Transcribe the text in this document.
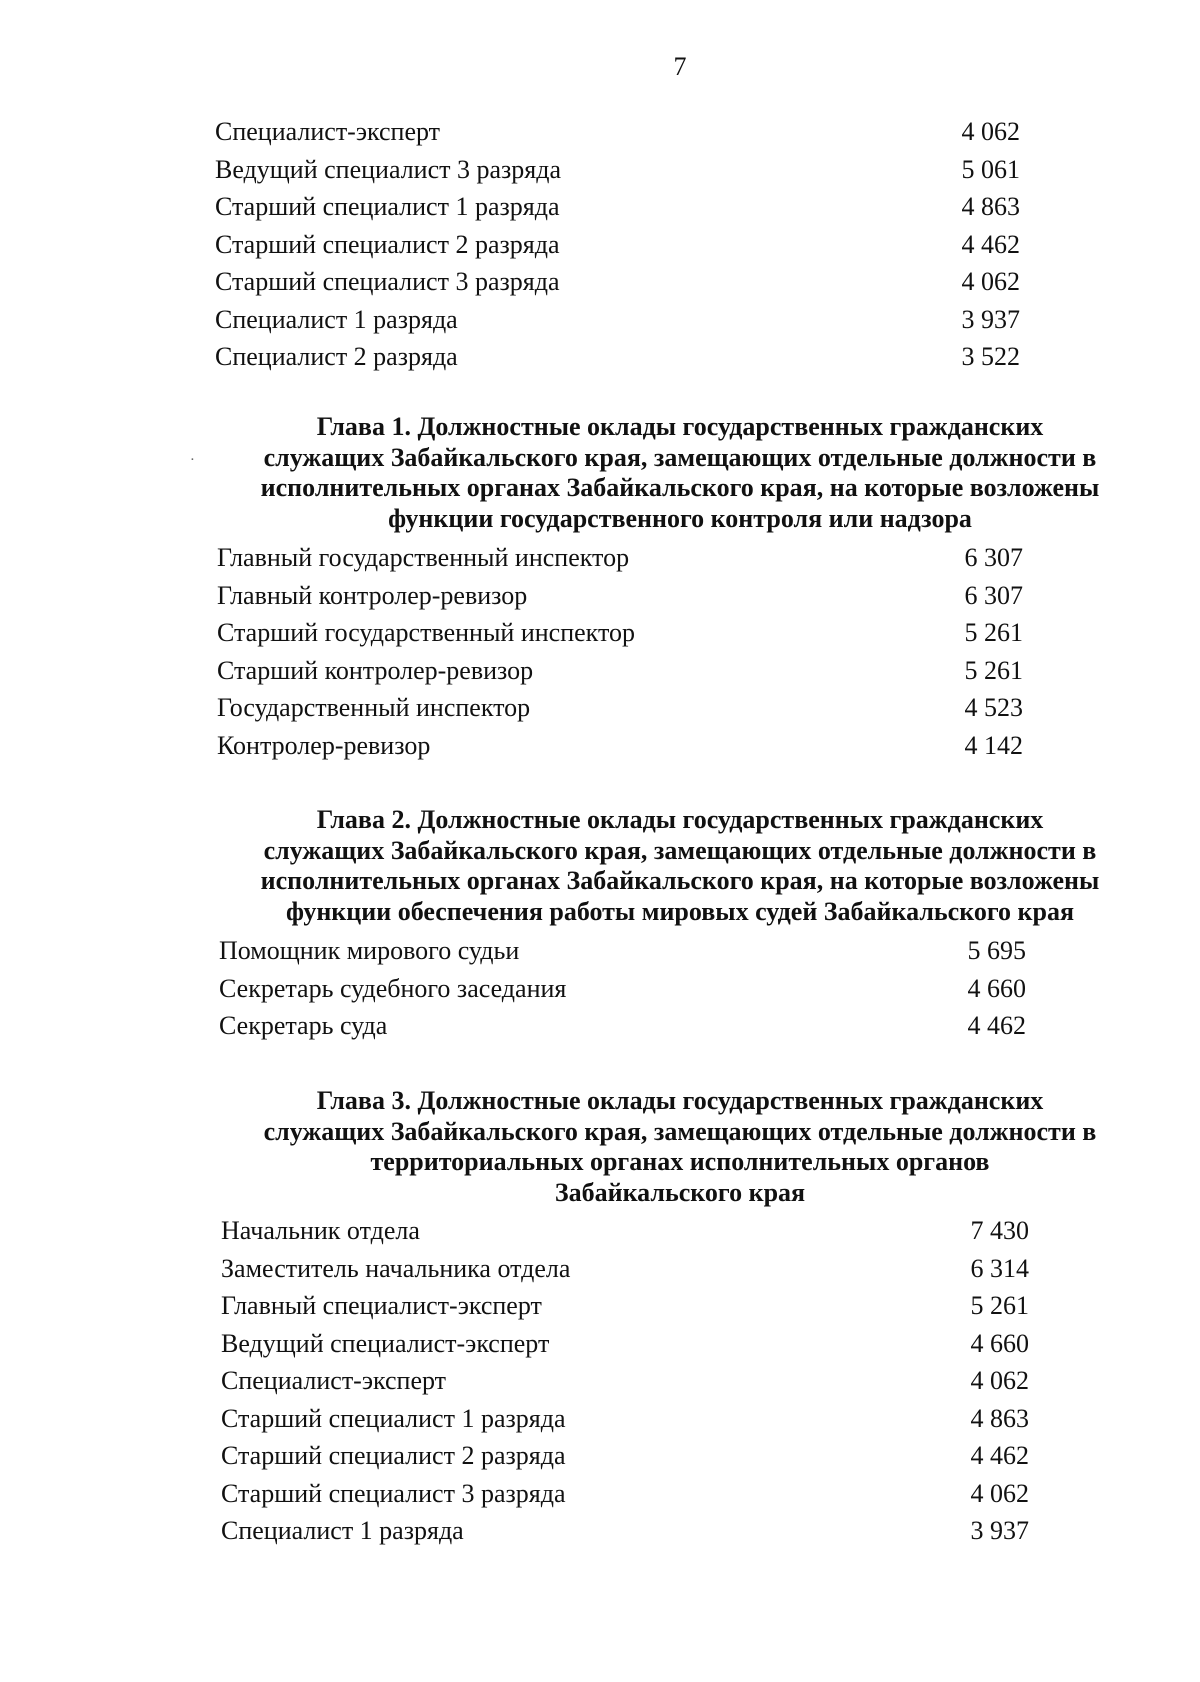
7
Специалист-эксперт	4 062
Ведущий специалист 3 разряда	5 061
Старший специалист 1 разряда	4 863
Старший специалист 2 разряда	4 462
Старший специалист 3 разряда	4 062
Специалист 1 разряда	3 937
Специалист 2 разряда	3 522
Глава 1. Должностные оклады государственных гражданских
служащих Забайкальского края, замещающих отдельные должности в
исполнительных органах Забайкальского края, на которые возложены
функции государственного контроля или надзора
Главный государственный инспектор	6 307
Главный контролер-ревизор	6 307
Старший государственный инспектор	5 261
Старший контролер-ревизор	5 261
Государственный инспектор	4 523
Контролер-ревизор	4 142
Глава 2. Должностные оклады государственных гражданских
служащих Забайкальского края, замещающих отдельные должности в
исполнительных органах Забайкальского края, на которые возложены
функции обеспечения работы мировых судей Забайкальского края
Помощник мирового судьи	5 695
Секретарь судебного заседания	4 660
Секретарь суда	4 462
Глава 3. Должностные оклады государственных гражданских
служащих Забайкальского края, замещающих отдельные должности в
территориальных органах исполнительных органов
Забайкальского края
Начальник отдела	7 430
Заместитель начальника отдела	6 314
Главный специалист-эксперт	5 261
Ведущий специалист-эксперт	4 660
Специалист-эксперт	4 062
Старший специалист 1 разряда	4 863
Старший специалист 2 разряда	4 462
Старший специалист 3 разряда	4 062
Специалист 1 разряда	3 937
⋅
